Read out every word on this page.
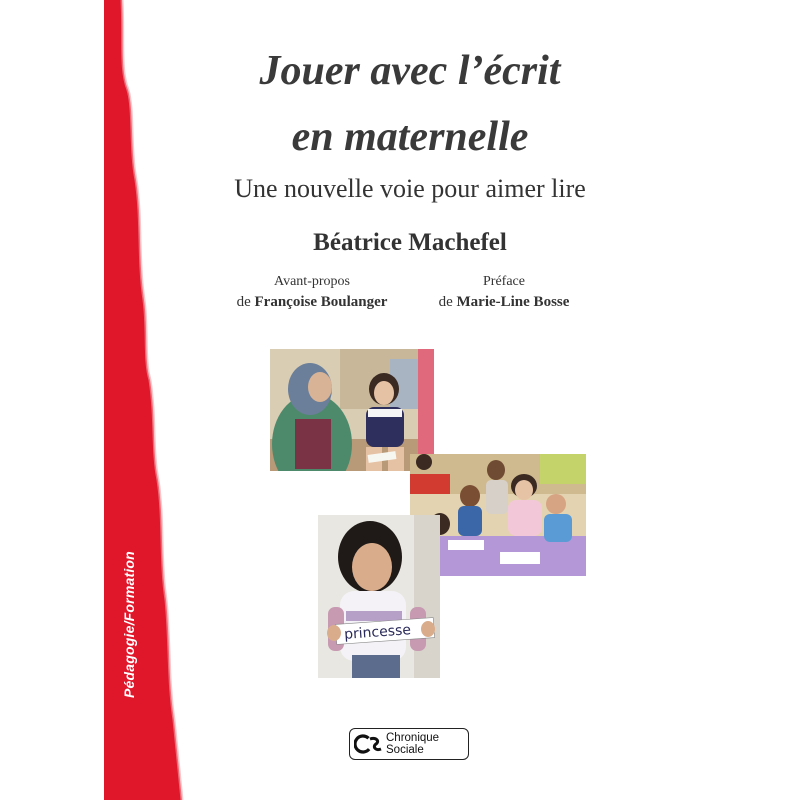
Pédagogie/Formation
Jouer avec l’écrit
en maternelle
Une nouvelle voie pour aimer lire
Béatrice Machefel
Avant-propos
de Françoise Boulanger
Préface
de Marie-Line Bosse
princesse
Chronique
Sociale
